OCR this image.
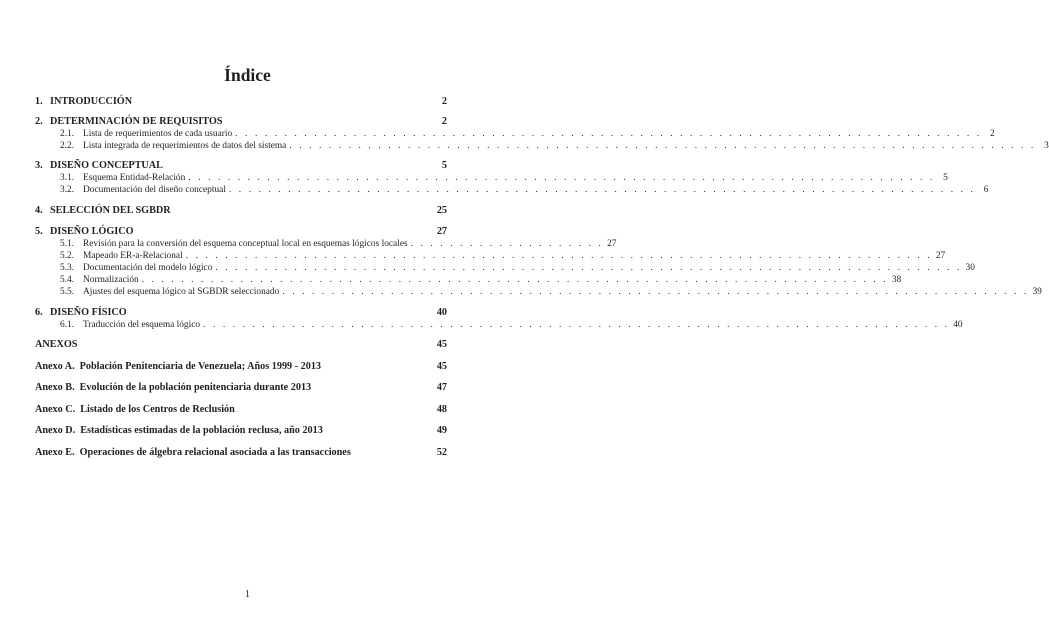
Índice
1. INTRODUCCIÓN	2
2. DETERMINACIÓN DE REQUISITOS	2
2.1. Lista de requerimientos de cada usuario . . . . . . . . . . . . . . . . . . . . . . . . . . . . . . . . . . . . . . . . . . . . . . . . . . . . . . . . . . . . . . . . . . . . . . . . . . . . 2
2.2. Lista integrada de requerimientos de datos del sistema . . . . . . . . . . . . . . . . . . . . . . . . . . . . . . . . . . . . . . . . . . . . . . . . . . . . . . . . . . . . . . . . . . . . . . . . . . . . 3
3. DISEÑO CONCEPTUAL	5
3.1. Esquema Entidad-Relación . . . . . . . . . . . . . . . . . . . . . . . . . . . . . . . . . . . . . . . . . . . . . . . . . . . . . . . . . . . . . . . . . . . . . . . . . . . . 5
3.2. Documentación del diseño conceptual . . . . . . . . . . . . . . . . . . . . . . . . . . . . . . . . . . . . . . . . . . . . . . . . . . . . . . . . . . . . . . . . . . . . . . . . . . . . 6
4. SELECCIÓN DEL SGBDR	25
5. DISEÑO LÓGICO	27
5.1. Revisión para la conversión del esquema conceptual local en esquemas lógicos locales . . . . . . . . . . . . . . . . . . . . 27
5.2. Mapeado ER-a-Relacional . . . . . . . . . . . . . . . . . . . . . . . . . . . . . . . . . . . . . . . . . . . . . . . . . . . . . . . . . . . . . . . . . . . . . . . . . . . . 27
5.3. Documentación del modelo lógico . . . . . . . . . . . . . . . . . . . . . . . . . . . . . . . . . . . . . . . . . . . . . . . . . . . . . . . . . . . . . . . . . . . . . . . . . . . . 30
5.4. Normalización . . . . . . . . . . . . . . . . . . . . . . . . . . . . . . . . . . . . . . . . . . . . . . . . . . . . . . . . . . . . . . . . . . . . . . . . . . . . 38
5.5. Ajustes del esquema lógico al SGBDR seleccionado . . . . . . . . . . . . . . . . . . . . . . . . . . . . . . . . . . . . . . . . . . . . . . . . . . . . . . . . . . . . . . . . . . . . . . . . . . . . 39
6. DISEÑO FÍSICO	40
6.1. Traducción del esquema lógico . . . . . . . . . . . . . . . . . . . . . . . . . . . . . . . . . . . . . . . . . . . . . . . . . . . . . . . . . . . . . . . . . . . . . . . . . . . . 40
ANEXOS	45
Anexo A. Población Penitenciaria de Venezuela; Años 1999 - 2013	45
Anexo B. Evolución de la población penitenciaria durante 2013	47
Anexo C. Listado de los Centros de Reclusión	48
Anexo D. Estadísticas estimadas de la población reclusa, año 2013	49
Anexo E. Operaciones de álgebra relacional asociada a las transacciones	52
1
